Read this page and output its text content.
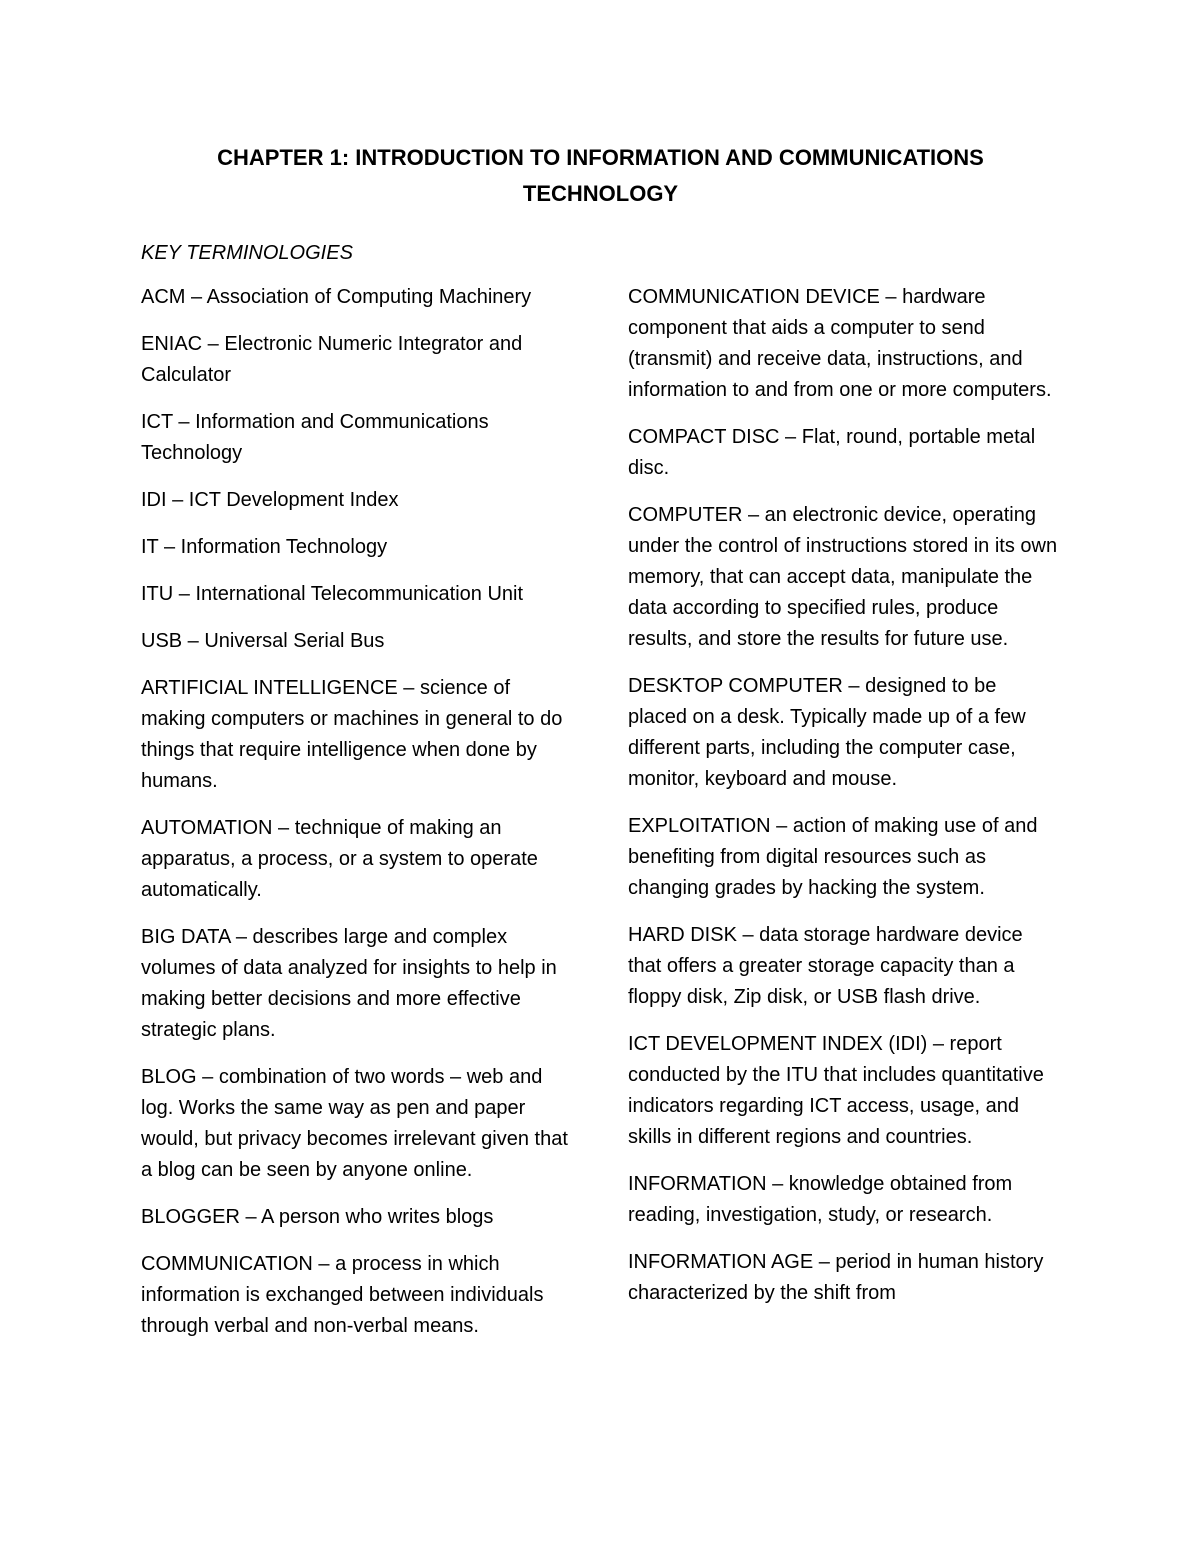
CHAPTER 1: INTRODUCTION TO INFORMATION AND COMMUNICATIONS
TECHNOLOGY

KEY TERMINOLOGIES

ACM – Association of Computing Machinery

ENIAC – Electronic Numeric Integrator and Calculator

ICT – Information and Communications Technology

IDI – ICT Development Index

IT – Information Technology

ITU – International Telecommunication Unit

USB – Universal Serial Bus

ARTIFICIAL INTELLIGENCE – science of making computers or machines in general to do things that require intelligence when done by humans.

AUTOMATION – technique of making an apparatus, a process, or a system to operate automatically.

BIG DATA – describes large and complex volumes of data analyzed for insights to help in making better decisions and more effective strategic plans.

BLOG – combination of two words – web and log. Works the same way as pen and paper would, but privacy becomes irrelevant given that a blog can be seen by anyone online.

BLOGGER – A person who writes blogs

COMMUNICATION – a process in which information is exchanged between individuals through verbal and non-verbal means.

COMMUNICATION DEVICE – hardware component that aids a computer to send (transmit) and receive data, instructions, and information to and from one or more computers.

COMPACT DISC – Flat, round, portable metal disc.

COMPUTER – an electronic device, operating under the control of instructions stored in its own memory, that can accept data, manipulate the data according to specified rules, produce results, and store the results for future use.

DESKTOP COMPUTER – designed to be placed on a desk. Typically made up of a few different parts, including the computer case, monitor, keyboard and mouse.

EXPLOITATION – action of making use of and benefiting from digital resources such as changing grades by hacking the system.

HARD DISK – data storage hardware device that offers a greater storage capacity than a floppy disk, Zip disk, or USB flash drive.

ICT DEVELOPMENT INDEX (IDI) – report conducted by the ITU that includes quantitative indicators regarding ICT access, usage, and skills in different regions and countries.

INFORMATION – knowledge obtained from reading, investigation, study, or research.

INFORMATION AGE – period in human history characterized by the shift from
